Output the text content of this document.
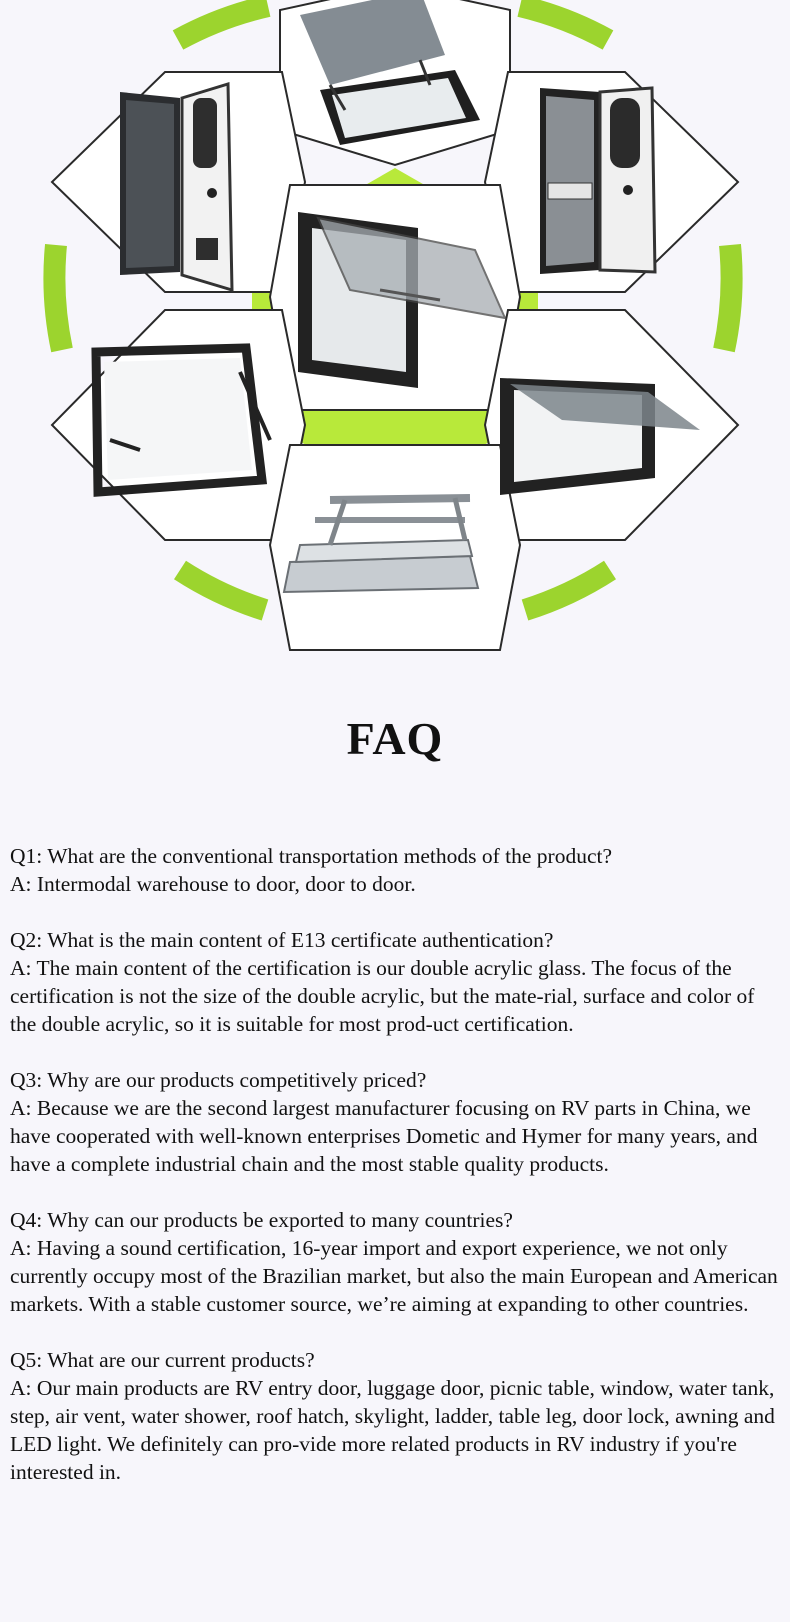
FAQ

Q1: What are the conventional transportation methods of the product?

A: Intermodal warehouse to door, door to door.

Q2: What is the main content of E13 certificate authentication?

A: The main content of the certification is our double acrylic glass. The focus of the certification is not the size of the double acrylic, but the mate-rial, surface and color of the double acrylic, so it is suitable for most prod-uct certification.

Q3: Why are our products competitively priced?

A: Because we are the second largest manufacturer focusing on RV parts in China, we have cooperated with well-known enterprises Dometic and Hymer for many years, and have a complete industrial chain and the most stable quality products.

Q4: Why can our products be exported to many countries?

A: Having a sound certification, 16-year import and export experience, we not only currently occupy most of the Brazilian market, but also the main European and American markets. With a stable customer source, we’re aiming at expanding to other countries.

Q5: What are our current products?

A: Our main products are RV entry door, luggage door, picnic table, window, water tank, step, air vent, water shower, roof hatch, skylight, ladder, table leg, door lock, awning and LED light. We definitely can pro-vide more related products in RV industry if you're interested in.
